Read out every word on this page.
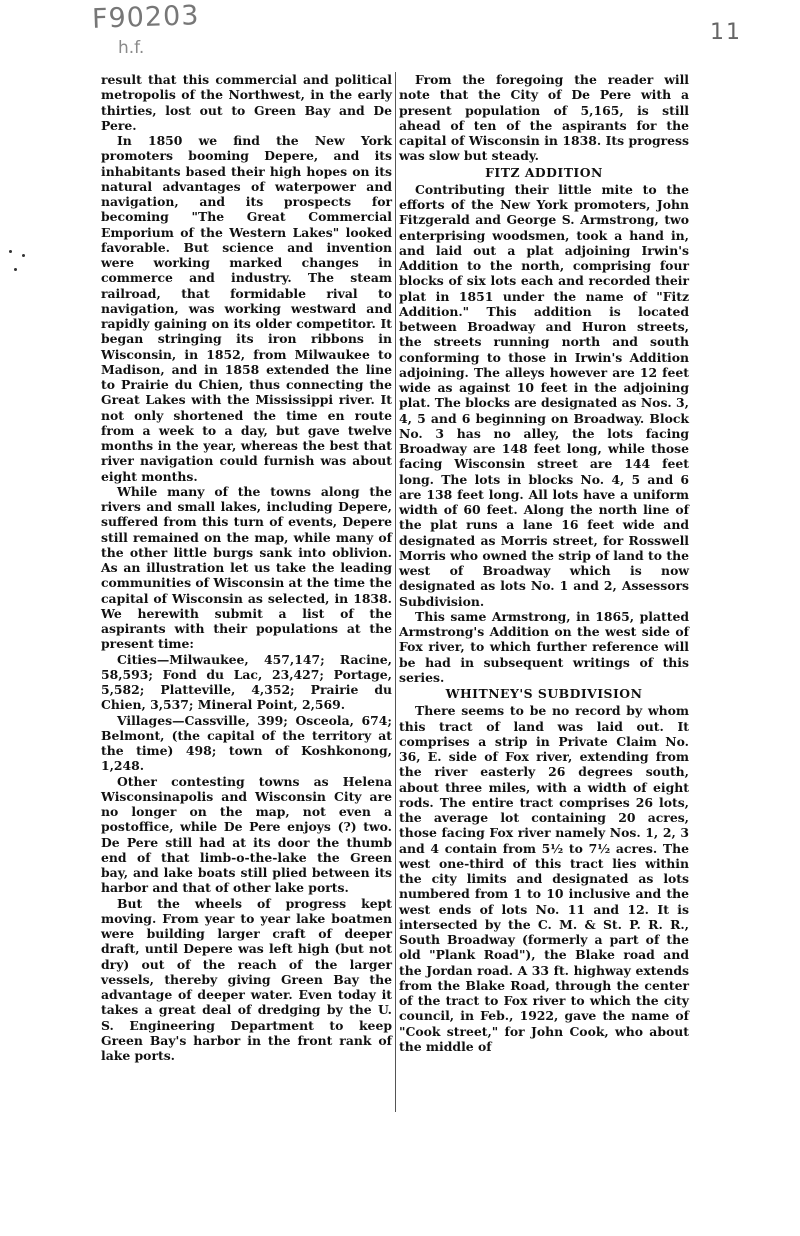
F90203
h.f.
11

result that this commercial and political metropolis of the Northwest, in the early thirties, lost out to Green Bay and De Pere.

In 1850 we find the New York promoters booming Depere, and its inhabitants based their high hopes on its natural advantages of waterpower and navigation, and its prospects for becoming "The Great Commercial Emporium of the Western Lakes" looked favorable. But science and invention were working marked changes in commerce and industry. The steam railroad, that formidable rival to navigation, was working westward and rapidly gaining on its older competitor. It began stringing its iron ribbons in Wisconsin, in 1852, from Milwaukee to Madison, and in 1858 extended the line to Prairie du Chien, thus connecting the Great Lakes with the Mississippi river. It not only shortened the time en route from a week to a day, but gave twelve months in the year, whereas the best that river navigation could furnish was about eight months.

While many of the towns along the rivers and small lakes, including Depere, suffered from this turn of events, Depere still remained on the map, while many of the other little burgs sank into oblivion. As an illustration let us take the leading communities of Wisconsin at the time the capital of Wisconsin as selected, in 1838. We herewith submit a list of the aspirants with their populations at the present time:

Cities—Milwaukee, 457,147; Racine, 58,593; Fond du Lac, 23,427; Portage, 5,582; Platteville, 4,352; Prairie du Chien, 3,537; Mineral Point, 2,569.

Villages—Cassville, 399; Osceola, 674; Belmont, (the capital of the territory at the time) 498; town of Koshkonong, 1,248.

Other contesting towns as Helena Wisconsinapolis and Wisconsin City are no longer on the map, not even a postoffice, while De Pere enjoys (?) two. De Pere still had at its door the thumb end of that limb-o-the-lake the Green bay, and lake boats still plied between its harbor and that of other lake ports.

But the wheels of progress kept moving. From year to year lake boatmen were building larger craft of deeper draft, until Depere was left high (but not dry) out of the reach of the larger vessels, thereby giving Green Bay the advantage of deeper water. Even today it takes a great deal of dredging by the U. S. Engineering Department to keep Green Bay's harbor in the front rank of lake ports.

From the foregoing the reader will note that the City of De Pere with a present population of 5,165, is still ahead of ten of the aspirants for the capital of Wisconsin in 1838. Its progress was slow but steady.

FITZ ADDITION

Contributing their little mite to the efforts of the New York promoters, John Fitzgerald and George S. Armstrong, two enterprising woodsmen, took a hand in, and laid out a plat adjoining Irwin's Addition to the north, comprising four blocks of six lots each and recorded their plat in 1851 under the name of "Fitz Addition." This addition is located between Broadway and Huron streets, the streets running north and south conforming to those in Irwin's Addition adjoining. The alleys however are 12 feet wide as against 10 feet in the adjoining plat. The blocks are designated as Nos. 3, 4, 5 and 6 beginning on Broadway. Block No. 3 has no alley, the lots facing Broadway are 148 feet long, while those facing Wisconsin street are 144 feet long. The lots in blocks No. 4, 5 and 6 are 138 feet long. All lots have a uniform width of 60 feet. Along the north line of the plat runs a lane 16 feet wide and designated as Morris street, for Rosswell Morris who owned the strip of land to the west of Broadway which is now designated as lots No. 1 and 2, Assessors Subdivision.

This same Armstrong, in 1865, platted Armstrong's Addition on the west side of Fox river, to which further reference will be had in subsequent writings of this series.

WHITNEY'S SUBDIVISION

There seems to be no record by whom this tract of land was laid out. It comprises a strip in Private Claim No. 36, E. side of Fox river, extending from the river easterly 26 degrees south, about three miles, with a width of eight rods. The entire tract comprises 26 lots, the average lot containing 20 acres, those facing Fox river namely Nos. 1, 2, 3 and 4 contain from 5½ to 7½ acres. The west one-third of this tract lies within the city limits and designated as lots numbered from 1 to 10 inclusive and the west ends of lots No. 11 and 12. It is intersected by the C. M. & St. P. R. R., South Broadway (formerly a part of the old "Plank Road"), the Blake road and the Jordan road. A 33 ft. highway extends from the Blake Road, through the center of the tract to Fox river to which the city council, in Feb., 1922, gave the name of "Cook street," for John Cook, who about the middle of
